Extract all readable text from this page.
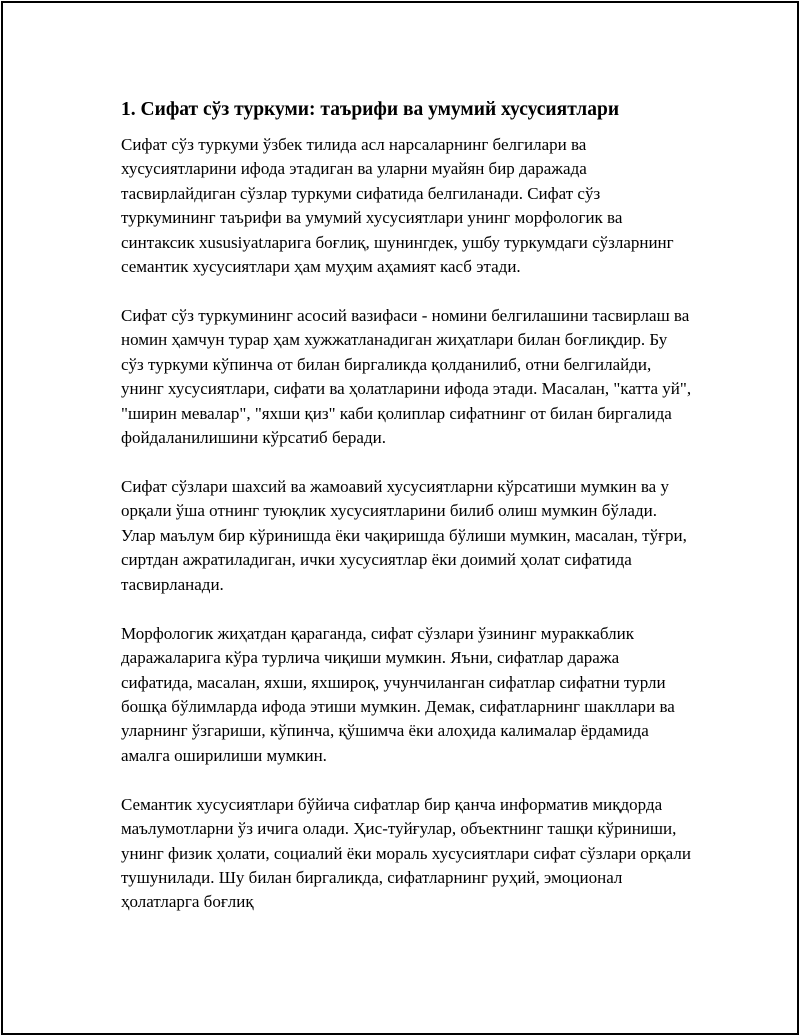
1. Сифат сўз туркуми: таърифи ва умумий хусусиятлари

Сифат сўз туркуми ўзбек тилида асл нарсаларнинг белгилари ва хусусиятларини ифода этадиган ва уларни муайян бир даражада тасвирлайдиган сўзлар туркуми сифатида белгиланади. Сифат сўз туркумининг таърифи ва умумий хусусиятлари унинг морфологик ва синтаксик xususiyatларига боғлиқ, шунингдек, ушбу туркумдаги сўзларнинг семантик хусусиятлари ҳам муҳим аҳамият касб этади.

Сифат сўз туркумининг асосий вазифаси - номини белгилашини тасвирлаш ва номин ҳамчун турар ҳам хужжатланадиган жиҳатлари билан боғлиқдир. Бу сўз туркуми кўпинча от билан биргаликда қолданилиб, отни белгилайди, унинг хусусиятлари, сифати ва ҳолатларини ифода этади. Масалан, "катта уй", "ширин мевалар", "яхши қиз" каби қолиплар сифатнинг от билан биргалида фойдаланилишини кўрсатиб беради.

Сифат сўзлари шахсий ва жамоавий хусусиятларни кўрсатиши мумкин ва у орқали ўша отнинг туюқлик хусусиятларини билиб олиш мумкин бўлади. Улар маълум бир кўринишда ёки чақиришда бўлиши мумкин, масалан, тўғри, сиртдан ажратиладиган, ички хусусиятлар ёки доимий ҳолат сифатида тасвирланади.

Морфологик жиҳатдан қараганда, сифат сўзлари ўзининг мураккаблик даражаларига кўра турлича чиқиши мумкин. Яъни, сифатлар даража сифатида, масалан, яхши, яхшироқ, учунчиланган сифатлар сифатни турли бошқа бўлимларда ифода этиши мумкин. Демак, сифатларнинг шакллари ва уларнинг ўзгариши, кўпинча, қўшимча ёки алоҳида калималар ёрдамида амалга оширилиши мумкин.

Семантик хусусиятлари бўйича сифатлар бир қанча информатив миқдорда маълумотларни ўз ичига олади. Ҳис-туйғулар, объектнинг ташқи кўриниши, унинг физик ҳолати, социалий ёки мораль хусусиятлари сифат сўзлари орқали тушунилади. Шу билан биргаликда, сифатларнинг руҳий, эмоционал ҳолатларга боғлиқ
